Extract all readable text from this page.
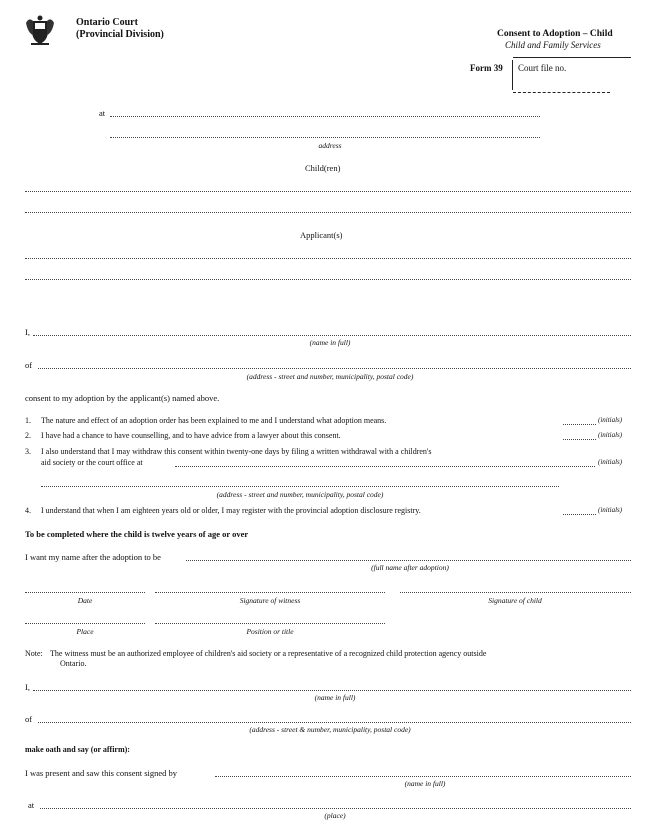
Ontario Court
(Provincial Division)	Consent to Adoption – Child
Child and Family Services
Form 39 Court file no.
at
address
Child(ren)
Applicant(s)
I,
(name in full)
of
(address - street and number, municipality, postal code)
consent to my adoption by the applicant(s) named above.
1. The nature and effect of an adoption order has been explained to me and I understand what adoption means.	(initials)
2. I have had a chance to have counselling, and to have advice from a lawyer about this consent.	(initials)
3. I also understand that I may withdraw this consent within twenty-one days by filing a written withdrawal with a children's
aid society or the court office at	(initials)
(address - street and number, municipality, postal code)
4. I understand that when I am eighteen years old or older, I may register with the provincial adoption disclosure registry.	(initials)
To be completed where the child is twelve years of age or over
I want my name after the adoption to be
(full name after adoption)
Date	Signature of witness	Signature of child
Place	Position or title
Note: The witness must be an authorized employee of children's aid society or a representative of a recognized child protection agency outside
Ontario.
I,
(name in full)
of
(address - street & number, municipality, postal code)
make oath and say (or affirm):
I was present and saw this consent signed by
(name in full)
at
(place)
